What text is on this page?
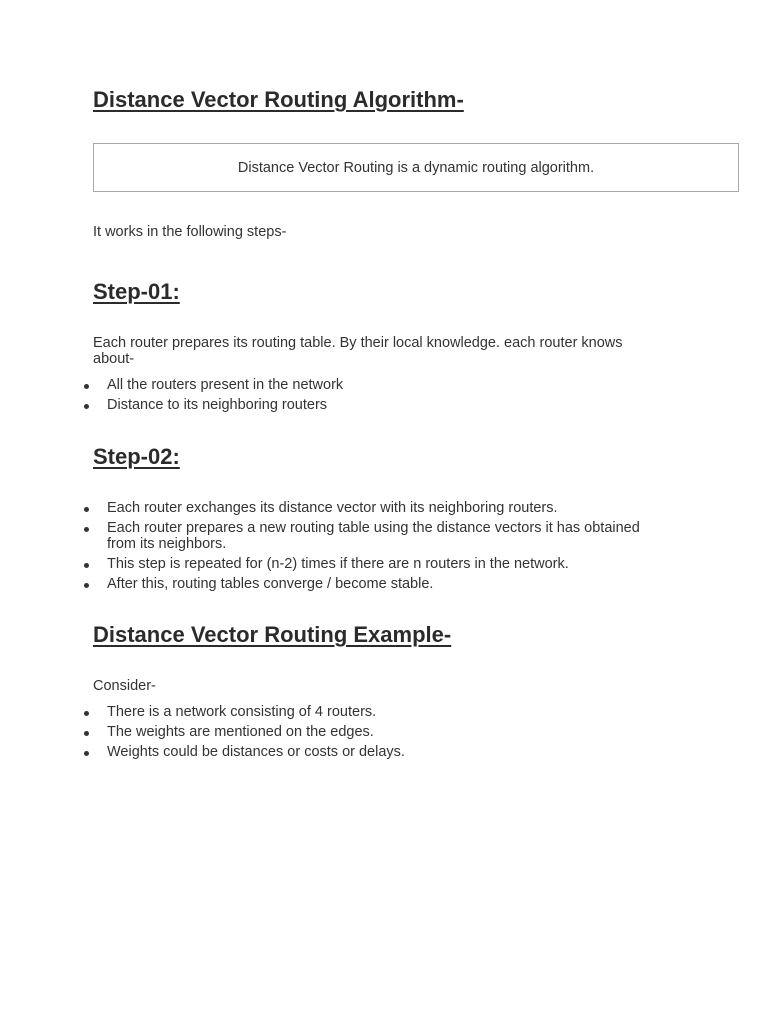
Distance Vector Routing Algorithm-
Distance Vector Routing is a dynamic routing algorithm.

It works in the following steps-

Step-01:

Each router prepares its routing table. By their local knowledge. each router knows about-

All the routers present in the network
Distance to its neighboring routers
Step-02:
Each router exchanges its distance vector with its neighboring routers.
Each router prepares a new routing table using the distance vectors it has obtained from its neighbors.
This step is repeated for (n-2) times if there are n routers in the network.
After this, routing tables converge / become stable.
Distance Vector Routing Example-

Consider-

There is a network consisting of 4 routers.
The weights are mentioned on the edges.
Weights could be distances or costs or delays.
